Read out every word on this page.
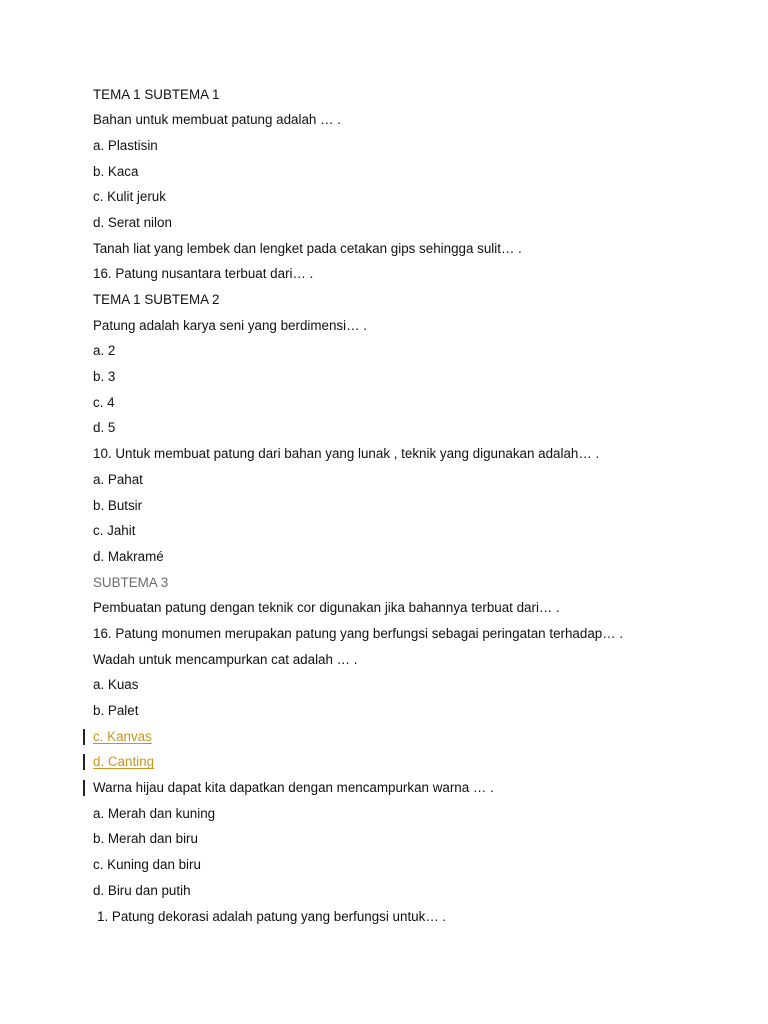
TEMA 1 SUBTEMA 1
Bahan untuk membuat patung adalah … .
a. Plastisin
b. Kaca
c. Kulit jeruk
d. Serat nilon
Tanah liat yang lembek dan lengket pada cetakan gips sehingga sulit… .
16. Patung nusantara terbuat dari… .
TEMA 1 SUBTEMA 2
Patung adalah karya seni yang berdimensi… .
a. 2
b. 3
c. 4
d. 5
10. Untuk membuat patung dari bahan yang lunak , teknik yang digunakan adalah… .
a. Pahat
b. Butsir
c. Jahit
d. Makramé
SUBTEMA 3
Pembuatan patung dengan teknik cor digunakan jika bahannya terbuat dari… .
16. Patung monumen merupakan patung yang berfungsi sebagai peringatan terhadap… .
Wadah untuk mencampurkan cat adalah … .
a. Kuas
b. Palet
c. Kanvas
d. Canting
Warna hijau dapat kita dapatkan dengan mencampurkan warna … .
a. Merah dan kuning
b. Merah dan biru
c. Kuning dan biru
d. Biru dan putih
1. Patung dekorasi adalah patung yang berfungsi untuk… .
